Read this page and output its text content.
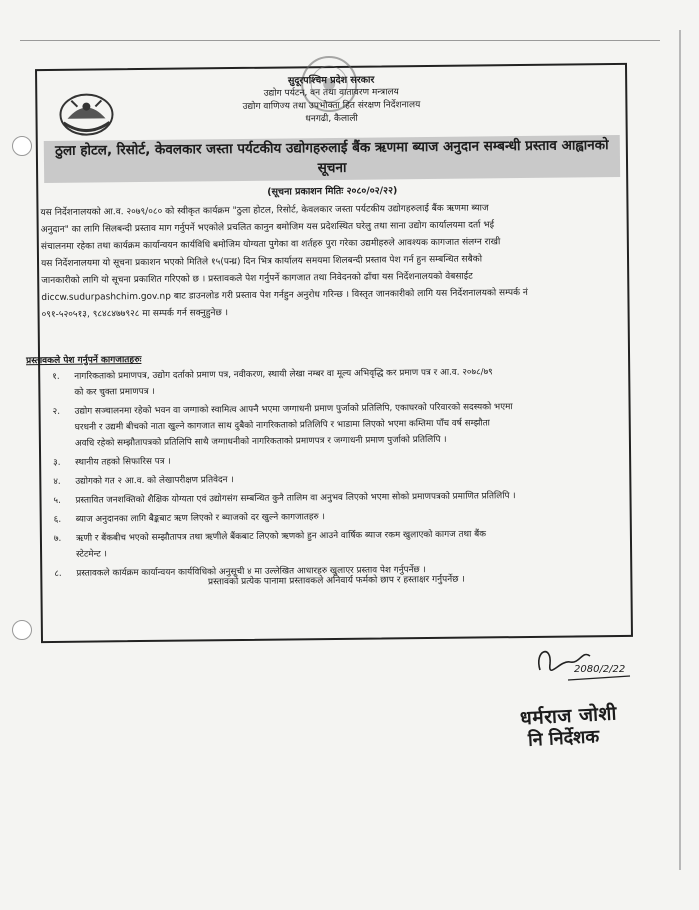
सुदूरपश्चिम प्रदेश सरकार
उद्योग पर्यटन, वन तथा वातावरण मन्त्रालय
उद्योग वाणिज्य तथा उपभोक्ता हित संरक्षण निर्देशनालय
धनगढी, कैलाली
ठुला होटल, रिसोर्ट, केवलकार जस्ता पर्यटकीय उद्योगहरुलाई बैंक ऋणमा ब्याज अनुदान सम्बन्धी प्रस्ताव आह्वानको
सूचना
(सूचना प्रकाशन मितिः २०८०/०२/२२)
यस निर्देशनालयको आ.व. २०७९/०८० को स्वीकृत कार्यक्रम "ठुला होटल, रिसोर्ट, केवलकार जस्ता पर्यटकीय उद्योगहरुलाई बैंक ऋणमा ब्याज
अनुदान" का लागि सिलबन्दी प्रस्ताव माग गर्नुपर्ने भएकोले प्रचलित कानुन बमोजिम यस प्रदेशस्थित घरेलु तथा साना उद्योग कार्यालयमा दर्ता भई
संचालनमा रहेका तथा कार्यक्रम कार्यान्वयन कार्यविधि बमोजिम योग्यता पुगेका वा शर्तहरु पुरा गरेका उद्यमीहरुले आवश्यक कागजात संलग्न राखी
यस निर्देशनालयमा यो सूचना प्रकाशन भएको मितिले १५(पन्ध्र) दिन भित्र कार्यालय समयमा शिलबन्दी प्रस्ताव पेश गर्न हुन सम्बन्धित सबैको
जानकारीको लागि यो सूचना प्रकाशित गरिएको छ । प्रस्तावकले पेश गर्नुपर्ने कागजात तथा निवेदनको ढाँचा यस निर्देशनालयको वेबसाईट
diccw.sudurpashchim.gov.np बाट डाउनलोड गरी प्रस्ताव पेश गर्नहुन अनुरोध गरिन्छ । विस्तृत जानकारीको लागि यस निर्देशनालयको सम्पर्क नं
०९१-५२०५१३, ९८४८४७७९२८ मा सम्पर्क गर्न सक्नुहुनेछ ।
प्रस्तावकले पेश गर्नुपर्ने कागजातहरुः
१.	नागरिकताको प्रमाणपत्र, उद्योग दर्ताको प्रमाण पत्र, नवीकरण, स्थायी लेखा नम्बर वा मूल्य अभिवृद्धि कर प्रमाण पत्र र आ.व. २०७८/७९
को कर चुक्ता प्रमाणपत्र ।
२.	उद्योग सञ्चालनमा रहेको भवन वा जग्गाको स्वामित्व आफ्नै भएमा जग्गाधनी प्रमाण पुर्जाको प्रतिलिपि, एकाघरको परिवारको सदस्यको भएमा
घरधनी र उद्यमी बीचको नाता खुल्ने कागजात साथ दुबैको नागरिकताको प्रतिलिपि र भाडामा लिएको भएमा कम्तिमा पाँच वर्ष सम्झौता
अवधि रहेको सम्झौतापत्रको प्रतिलिपि साथै जग्गाधनीको नागरिकताको प्रमाणपत्र र जग्गाधनी प्रमाण पुर्जाको प्रतिलिपि ।
३.	स्थानीय तहको सिफारिस पत्र ।
४.	उद्योगको गत २ आ.व. को लेखापरीक्षण प्रतिवेदन ।
५.	प्रस्तावित जनशक्तिको शैक्षिक योग्यता एवं उद्योगसंग सम्बन्धित कुनै तालिम वा अनुभव लिएको भएमा सोको प्रमाणपत्रको प्रमाणित प्रतिलिपि ।
६.	ब्याज अनुदानका लागि बैङ्कबाट ऋण लिएको र ब्याजको दर खुल्ने कागजातहरु ।
७.	ऋणी र बैंकबीच भएको सम्झौतापत्र तथा ऋणीले बैंकबाट लिएको ऋणको हुन आउने वार्षिक ब्याज रकम खुलाएको कागज तथा बैंक
स्टेटमेन्ट ।
८.	प्रस्तावकले कार्यक्रम कार्यान्वयन कार्यविधिको अनुसूची ४ मा उल्लेखित आधारहरु खुलाएर प्रस्ताव पेश गर्नुपर्नेछ ।
प्रस्तावको प्रत्येक पानामा प्रस्तावकले अनिवार्य फर्मको छाप र हस्ताक्षर गर्नुपर्नेछ ।
2080/2/22
धर्मराज जोशी
नि निर्देशक
